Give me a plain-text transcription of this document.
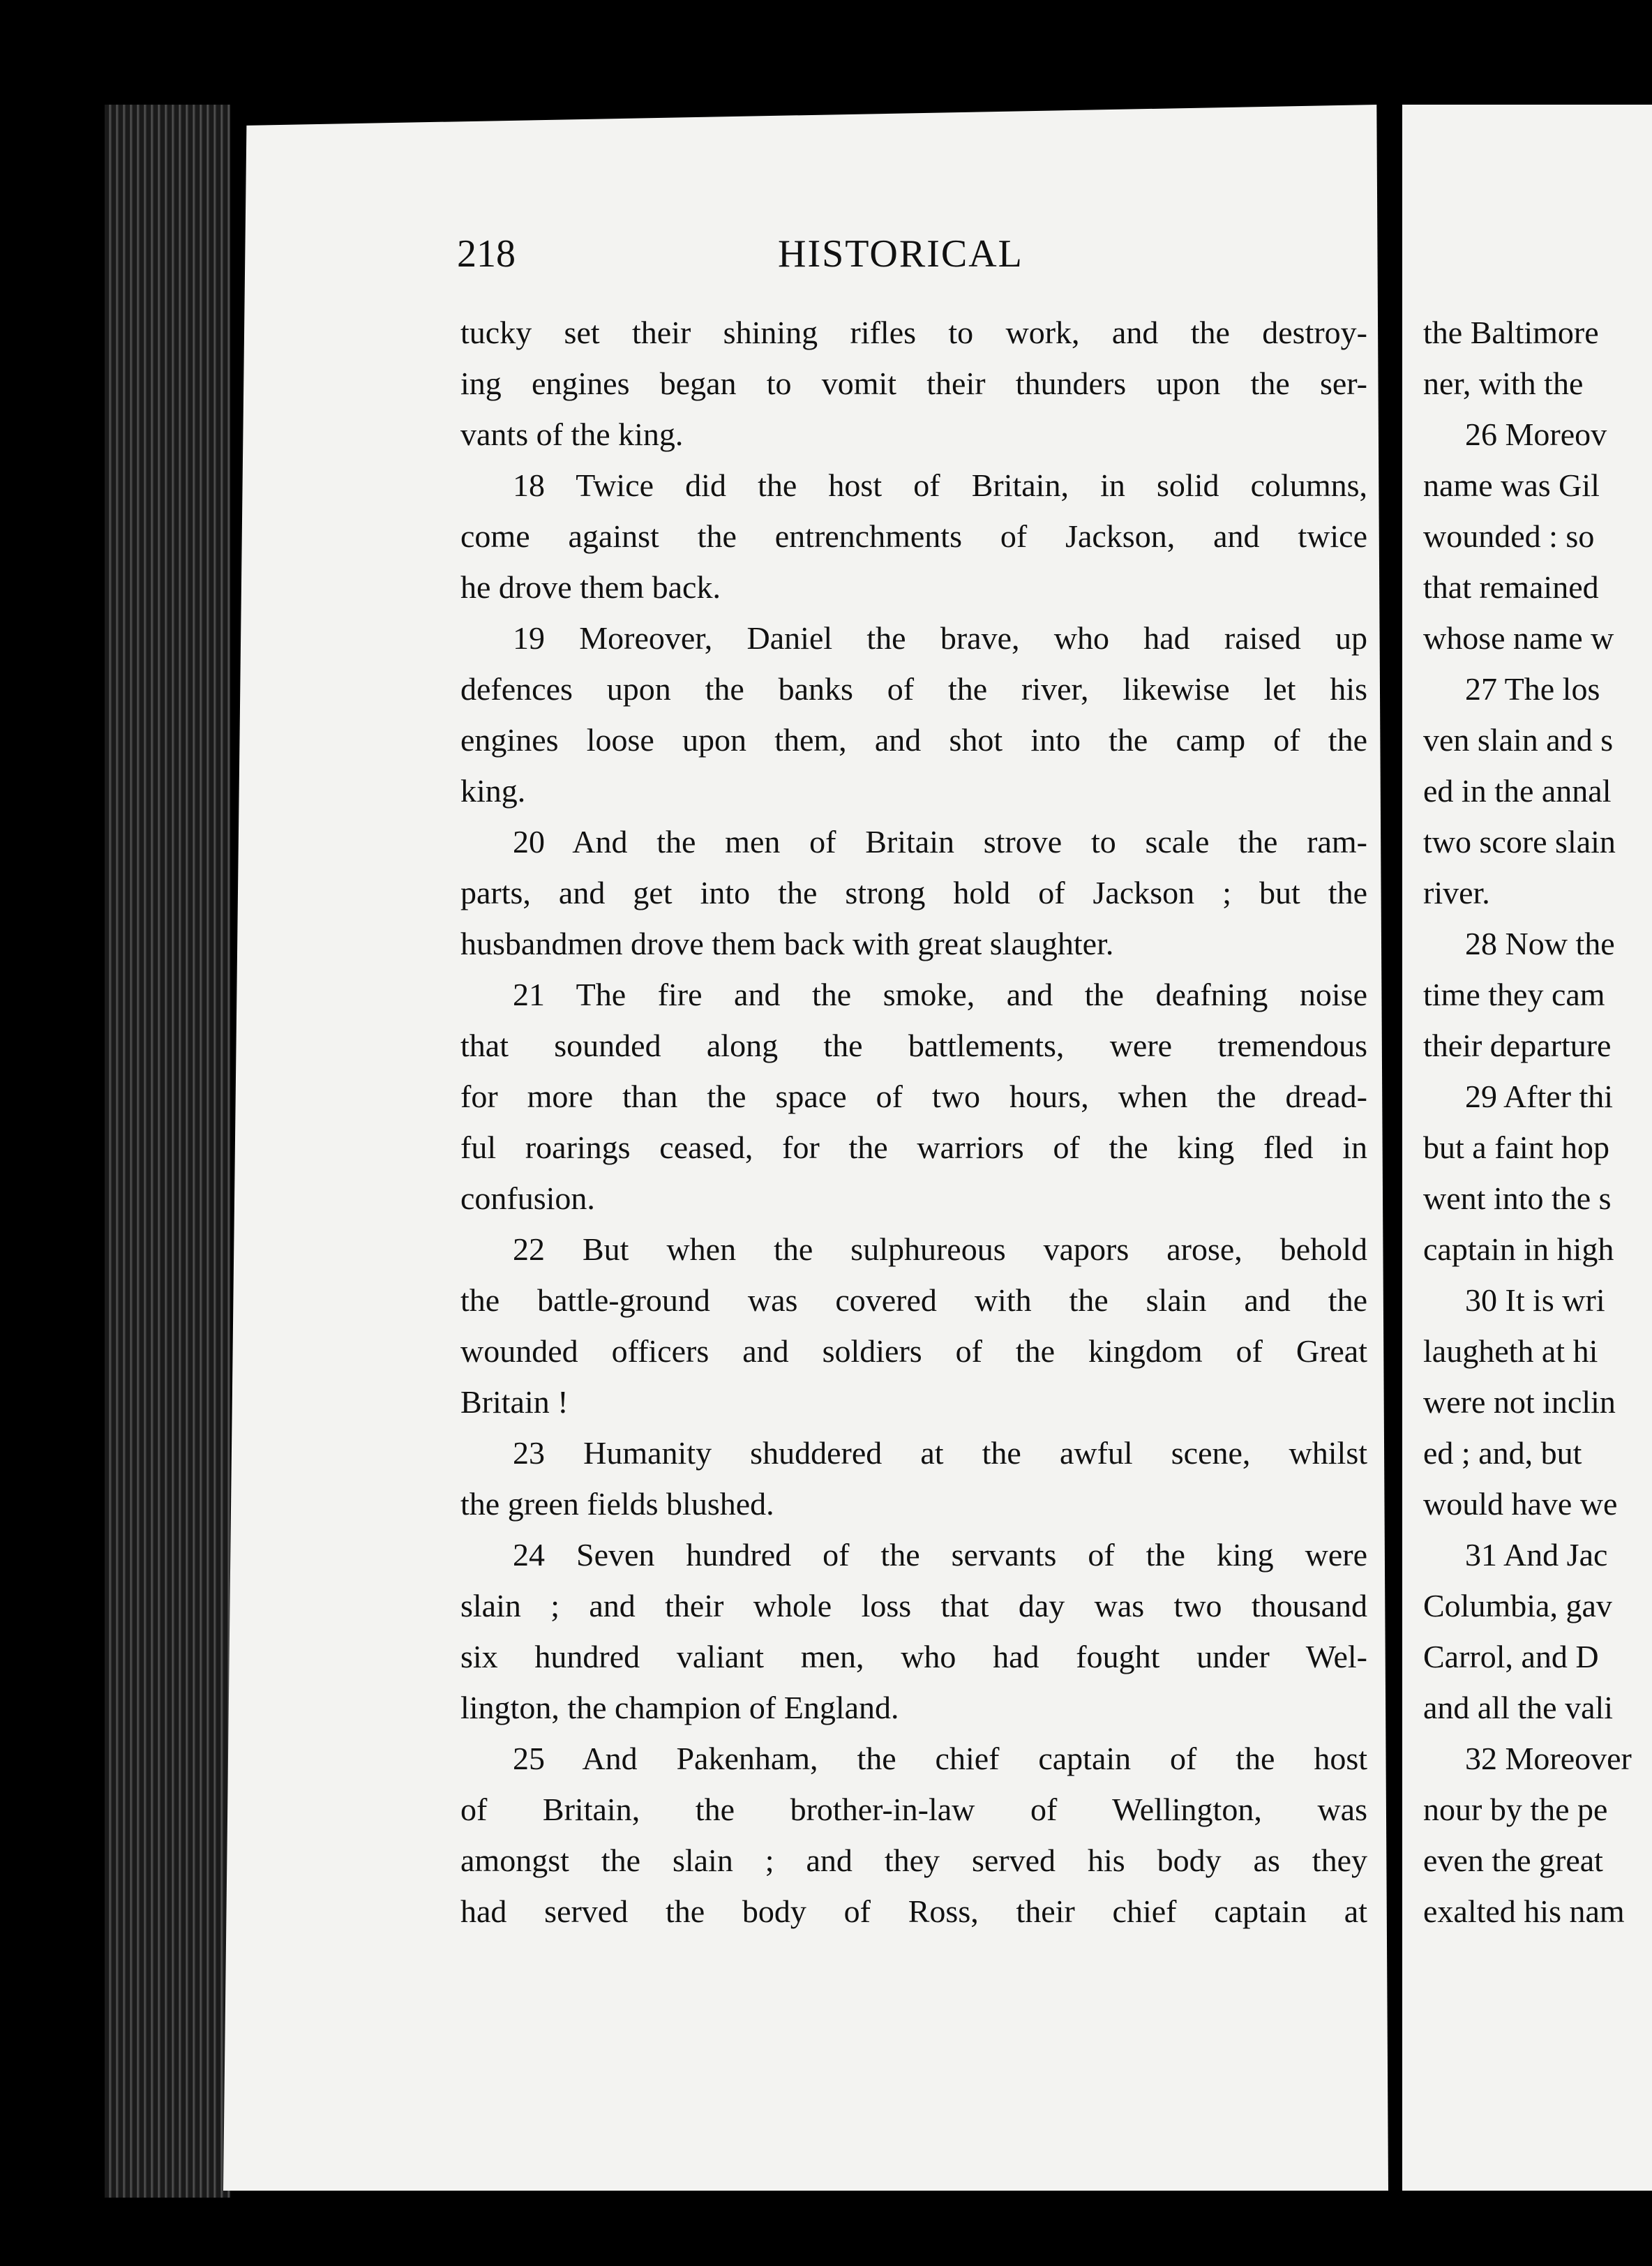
218	HISTORICAL
tucky set their shining rifles to work, and the destroy-
ing engines began to vomit their thunders upon the ser-
vants of the king.
18 Twice did the host of Britain, in solid columns,
come against the entrenchments of Jackson, and twice
he drove them back.
19 Moreover, Daniel the brave, who had raised up
defences upon the banks of the river, likewise let his
engines loose upon them, and shot into the camp of the
king.
20 And the men of Britain strove to scale the ram-
parts, and get into the strong hold of Jackson ; but the
husbandmen drove them back with great slaughter.
21 The fire and the smoke, and the deafning noise
that sounded along the battlements, were tremendous
for more than the space of two hours, when the dread-
ful roarings ceased, for the warriors of the king fled in
confusion.
22 But when the sulphureous vapors arose, behold
the battle-ground was covered with the slain and the
wounded officers and soldiers of the kingdom of Great
Britain !
23 Humanity shuddered at the awful scene, whilst
the green fields blushed.
24 Seven hundred of the servants of the king were
slain ; and their whole loss that day was two thousand
six hundred valiant men, who had fought under Wel-
lington, the champion of England.
25 And Pakenham, the chief captain of the host
of Britain, the brother-in-law of Wellington, was
amongst the slain ; and they served his body as they
had served the body of Ross, their chief captain at
the Baltimore
ner, with the
26 Moreov
name was Gil
wounded : so
that remained
whose name w
27 The los
ven slain and s
ed in the annal
two score slain
river.
28 Now the
time they cam
their departure
29 After thi
but a faint hop
went into the s
captain in high
30 It is wri
laugheth at hi
were not inclin
ed ; and, but
would have we
31 And Jac
Columbia, gav
Carrol, and D
and all the vali
32 Moreover
nour by the pe
even the great
exalted his nam
